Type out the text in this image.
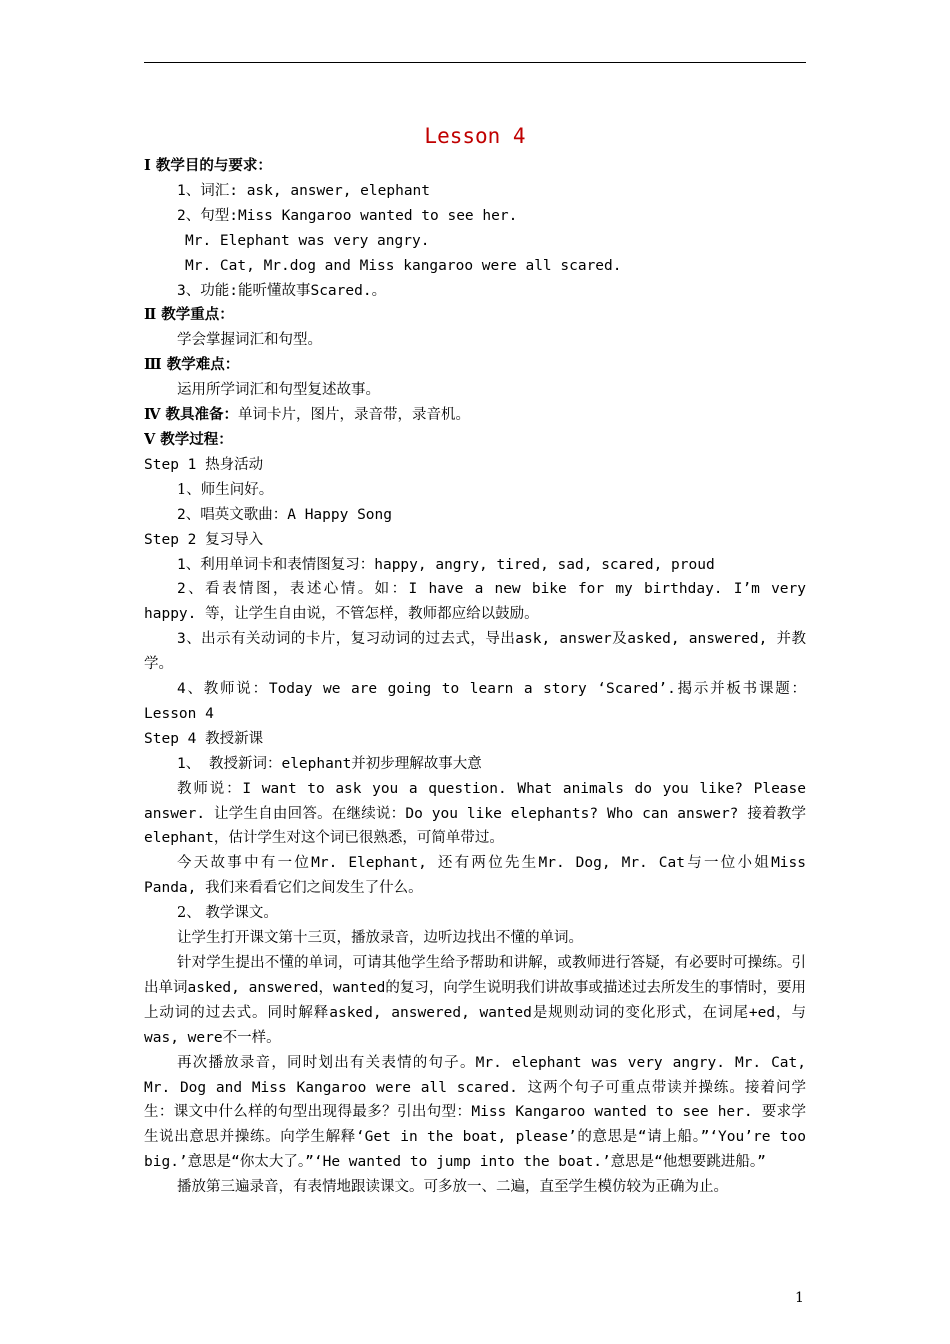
Lesson 4
Ⅰ 教学目的与要求：
1、词汇: ask, answer, elephant
2、句型:Miss Kangaroo wanted to see her.
Mr. Elephant was very angry.
Mr. Cat, Mr.dog and Miss kangaroo were all scared.
3、功能:能听懂故事Scared.。
Ⅱ 教学重点：
学会掌握词汇和句型。
Ⅲ 教学难点：
运用所学词汇和句型复述故事。
Ⅳ 教具准备：单词卡片，图片，录音带，录音机。
Ⅴ 教学过程：
Step 1 热身活动
1、师生问好。
2、唱英文歌曲：A Happy Song
Step 2 复习导入
1、利用单词卡和表情图复习：happy, angry, tired, sad, scared, proud
2、看表情图，表述心情。如：I have a new bike for my birthday. I’m very happy. 等，让学生自由说，不管怎样，教师都应给以鼓励。
3、出示有关动词的卡片，复习动词的过去式，导出ask, answer及asked, answered, 并教学。
4、教师说：Today we are going to learn a story ‘Scared’.揭示并板书课题：Lesson 4
Step 4 教授新课
1、 教授新词：elephant并初步理解故事大意
教师说：I want to ask you a question. What animals do you like? Please answer. 让学生自由回答。在继续说：Do you like elephants? Who can answer? 接着教学elephant，估计学生对这个词已很熟悉，可简单带过。
今天故事中有一位Mr. Elephant, 还有两位先生Mr. Dog, Mr. Cat与一位小姐Miss Panda, 我们来看看它们之间发生了什么。
2、 教学课文。
让学生打开课文第十三页，播放录音，边听边找出不懂的单词。
针对学生提出不懂的单词，可请其他学生给予帮助和讲解，或教师进行答疑，有必要时可操练。引出单词asked, answered，wanted的复习，向学生说明我们讲故事或描述过去所发生的事情时，要用上动词的过去式。同时解释asked, answered, wanted是规则动词的变化形式，在词尾+ed，与was, were不一样。
再次播放录音，同时划出有关表情的句子。Mr. elephant was very angry. Mr. Cat, Mr. Dog and Miss Kangaroo were all scared. 这两个句子可重点带读并操练。接着问学生：课文中什么样的句型出现得最多？引出句型：Miss Kangaroo wanted to see her. 要求学生说出意思并操练。向学生解释‘Get in the boat, please’的意思是“请上船。”‘You’re too big.’意思是“你太大了。”‘He wanted to jump into the boat.’意思是“他想要跳进船。”
播放第三遍录音，有表情地跟读课文。可多放一、二遍，直至学生模仿较为正确为止。
1
